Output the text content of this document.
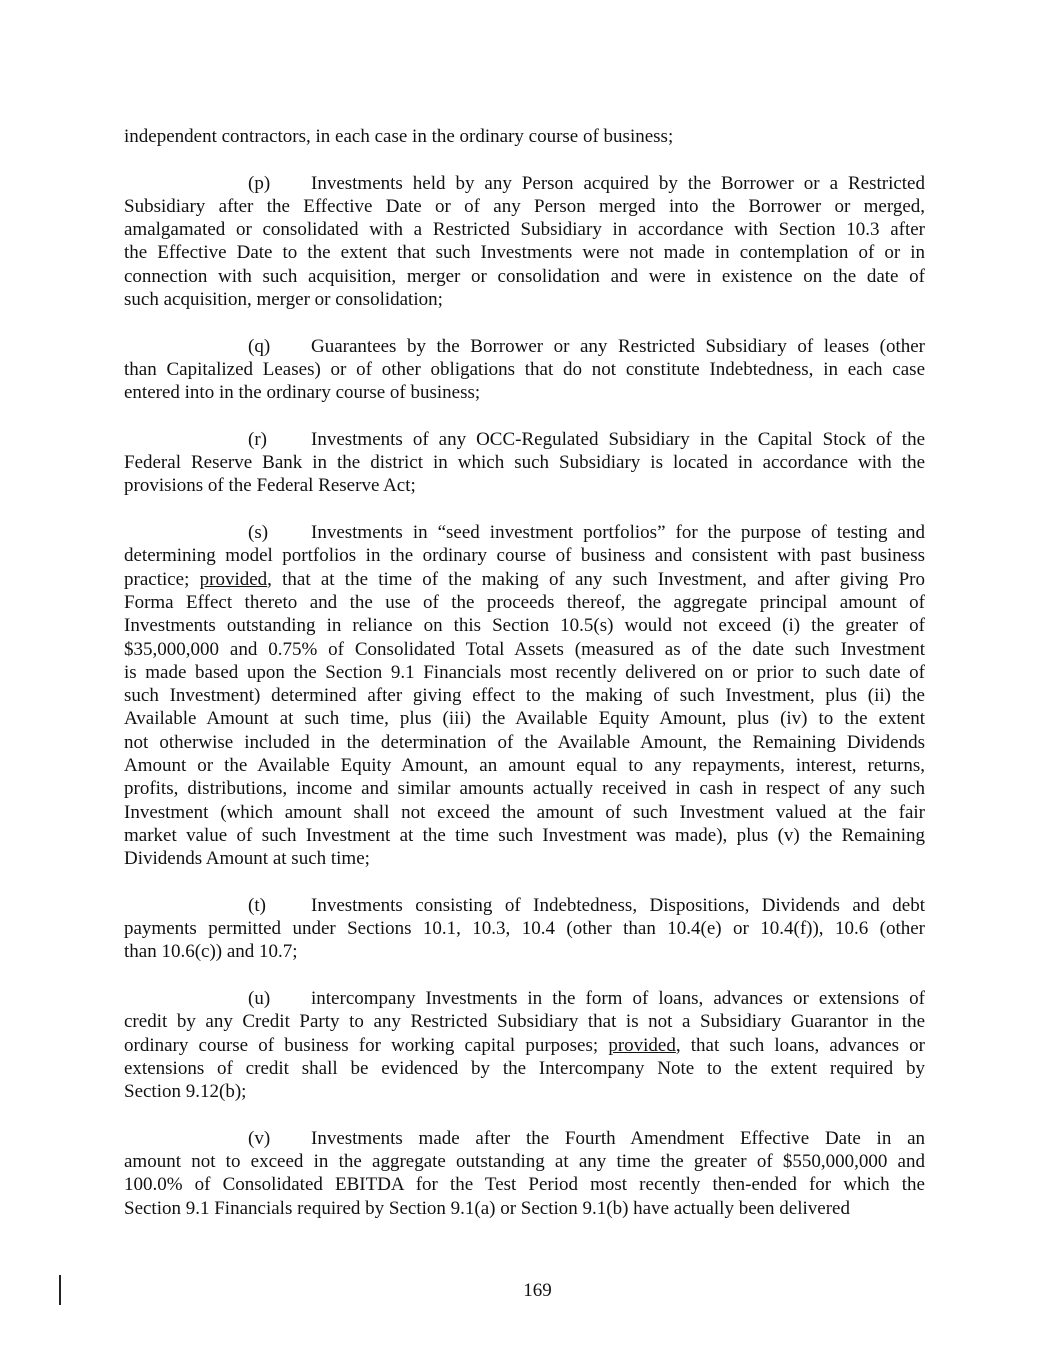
independent contractors, in each case in the ordinary course of business;
(p)	Investments held by any Person acquired by the Borrower or a Restricted
Subsidiary after the Effective Date or of any Person merged into the Borrower or merged,
amalgamated or consolidated with a Restricted Subsidiary in accordance with Section 10.3 after
the Effective Date to the extent that such Investments were not made in contemplation of or in
connection with such acquisition, merger or consolidation and were in existence on the date of
such acquisition, merger or consolidation;
(q)	Guarantees by the Borrower or any Restricted Subsidiary of leases (other
than Capitalized Leases) or of other obligations that do not constitute Indebtedness, in each case
entered into in the ordinary course of business;
(r)	Investments of any OCC-Regulated Subsidiary in the Capital Stock of the
Federal Reserve Bank in the district in which such Subsidiary is located in accordance with the
provisions of the Federal Reserve Act;
(s)	Investments in “seed investment portfolios” for the purpose of testing and
determining model portfolios in the ordinary course of business and consistent with past business
practice; provided, that at the time of the making of any such Investment, and after giving Pro
Forma Effect thereto and the use of the proceeds thereof, the aggregate principal amount of
Investments outstanding in reliance on this Section 10.5(s) would not exceed (i) the greater of
$35,000,000 and 0.75% of Consolidated Total Assets (measured as of the date such Investment
is made based upon the Section 9.1 Financials most recently delivered on or prior to such date of
such Investment) determined after giving effect to the making of such Investment, plus (ii) the
Available Amount at such time, plus (iii) the Available Equity Amount, plus (iv) to the extent
not otherwise included in the determination of the Available Amount, the Remaining Dividends
Amount or the Available Equity Amount, an amount equal to any repayments, interest, returns,
profits, distributions, income and similar amounts actually received in cash in respect of any such
Investment (which amount shall not exceed the amount of such Investment valued at the fair
market value of such Investment at the time such Investment was made), plus (v) the Remaining
Dividends Amount at such time;
(t)	Investments consisting of Indebtedness, Dispositions, Dividends and debt
payments permitted under Sections 10.1, 10.3, 10.4 (other than 10.4(e) or 10.4(f)), 10.6 (other
than 10.6(c)) and 10.7;
(u)	intercompany Investments in the form of loans, advances or extensions of
credit by any Credit Party to any Restricted Subsidiary that is not a Subsidiary Guarantor in the
ordinary course of business for working capital purposes; provided, that such loans, advances or
extensions of credit shall be evidenced by the Intercompany Note to the extent required by
Section 9.12(b);
(v)	Investments made after the Fourth Amendment Effective Date in an
amount not to exceed in the aggregate outstanding at any time the greater of $550,000,000 and
100.0% of Consolidated EBITDA for the Test Period most recently then-ended for which the
Section 9.1 Financials required by Section 9.1(a) or Section 9.1(b) have actually been delivered
169
